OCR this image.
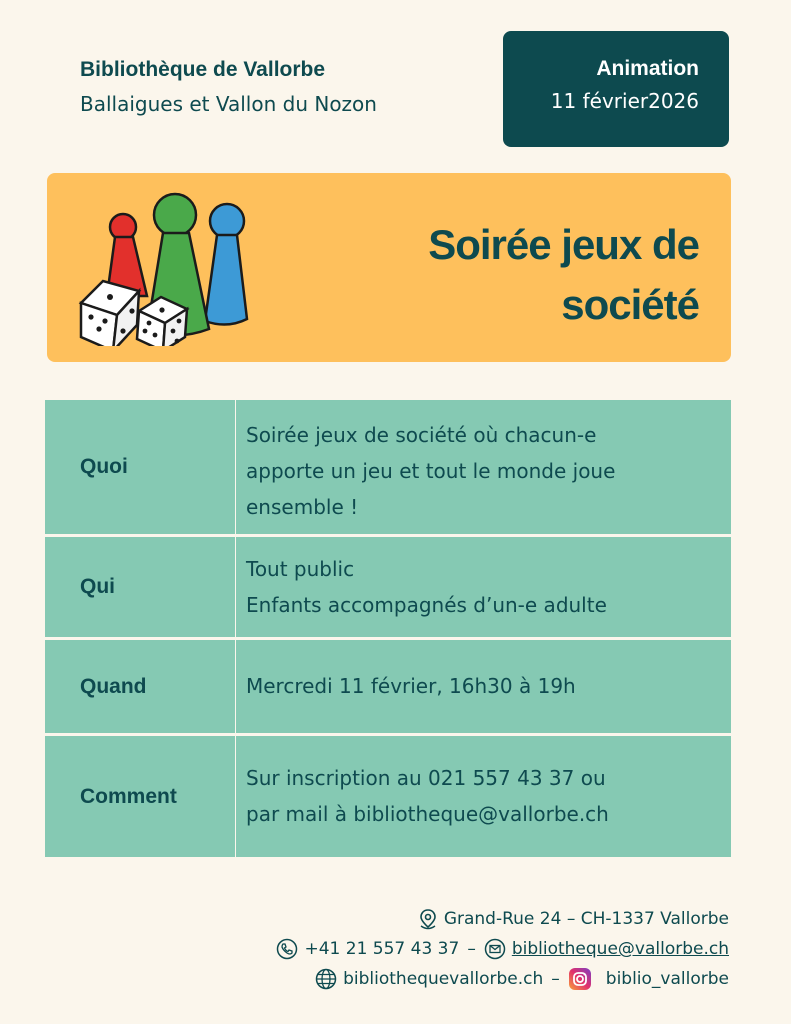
Bibliothèque de Vallorbe
Ballaigues et Vallon du Nozon
Animation
11 février2026
Soirée jeux de société
Quoi
Soirée jeux de société où chacun-e
apporte un jeu et tout le monde joue
ensemble !
Qui
Tout public
Enfants accompagnés d’un-e adulte
Quand	Mercredi 11 février, 16h30 à 19h
Comment
Sur inscription au 021 557 43 37 ou
par mail à bibliotheque@vallorbe.ch
Grand-Rue 24 – CH-1337 Vallorbe
+41 21 557 43 37 – bibliotheque@vallorbe.ch
bibliothequevallorbe.ch –	biblio_vallorbe
